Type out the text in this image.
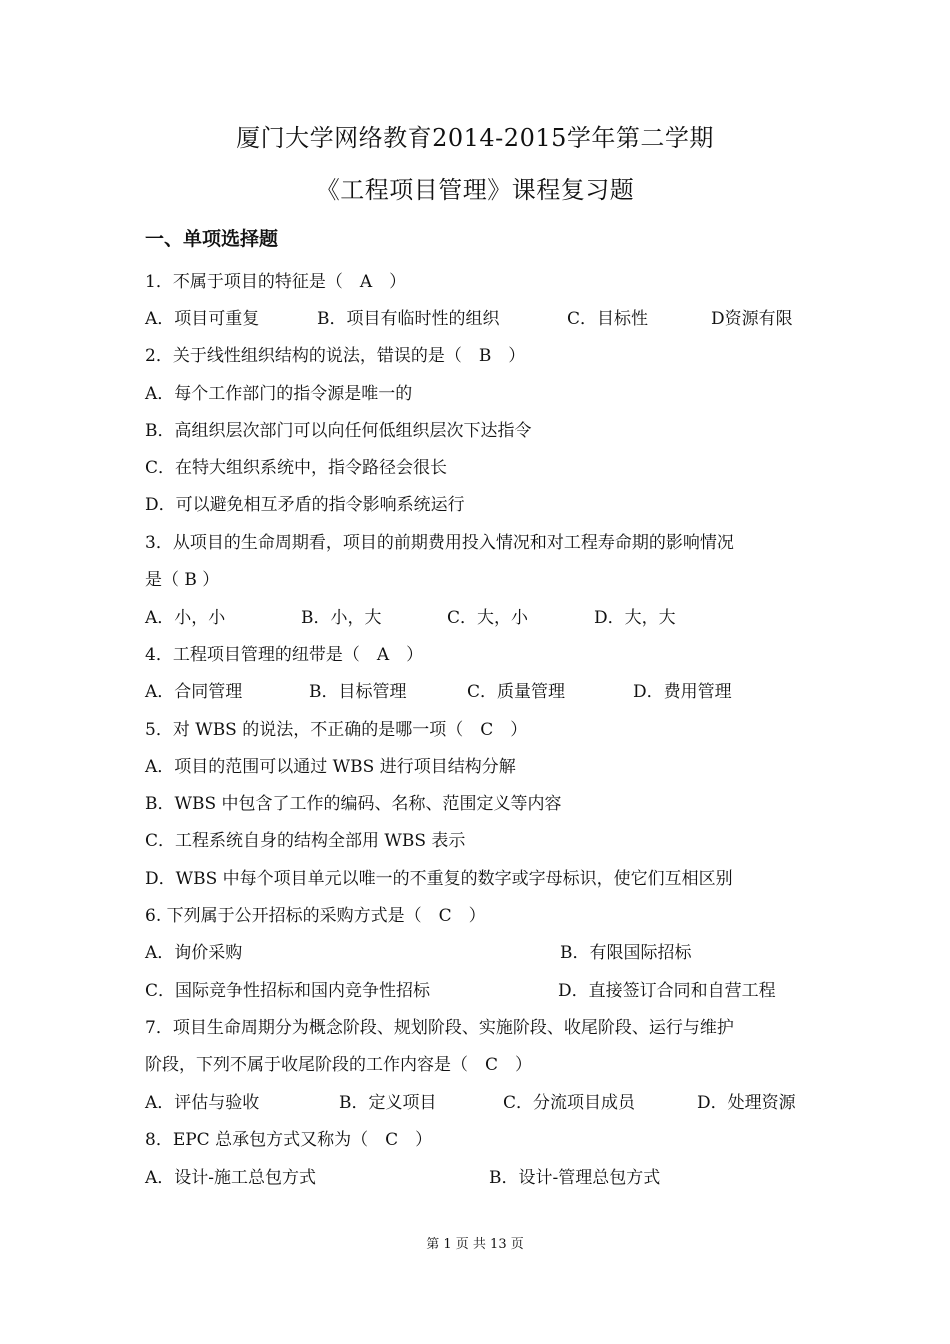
厦门大学网络教育2014-2015学年第二学期
《工程项目管理》课程复习题
一、单项选择题
1．不属于项目的特征是（　A　）
A．项目可重复	B．项目有临时性的组织	C．目标性	D资源有限
2．关于线性组织结构的说法，错误的是（　B　）
A．每个工作部门的指令源是唯一的
B．高组织层次部门可以向任何低组织层次下达指令
C．在特大组织系统中，指令路径会很长
D．可以避免相互矛盾的指令影响系统运行
3．从项目的生命周期看，项目的前期费用投入情况和对工程寿命期的影响情况
是（ B ）
A．小，小	B．小，大	C．大，小	D．大，大
4．工程项目管理的纽带是（　A　）
A．合同管理	B．目标管理	C．质量管理	D．费用管理
5．对 WBS 的说法，不正确的是哪一项（　C　）
A．项目的范围可以通过 WBS 进行项目结构分解
B．WBS 中包含了工作的编码、名称、范围定义等内容
C．工程系统自身的结构全部用 WBS 表示
D．WBS 中每个项目单元以唯一的不重复的数字或字母标识，使它们互相区别
6. 下列属于公开招标的采购方式是（　C　）
A．询价采购	B．有限国际招标
C．国际竞争性招标和国内竞争性招标	D．直接签订合同和自营工程
7．项目生命周期分为概念阶段、规划阶段、实施阶段、收尾阶段、运行与维护
阶段，下列不属于收尾阶段的工作内容是（　C　）
A．评估与验收	B．定义项目	C．分流项目成员	D．处理资源
8．EPC 总承包方式又称为（　C　）
A．设计-施工总包方式	B．设计-管理总包方式
第 1 页 共 13 页
